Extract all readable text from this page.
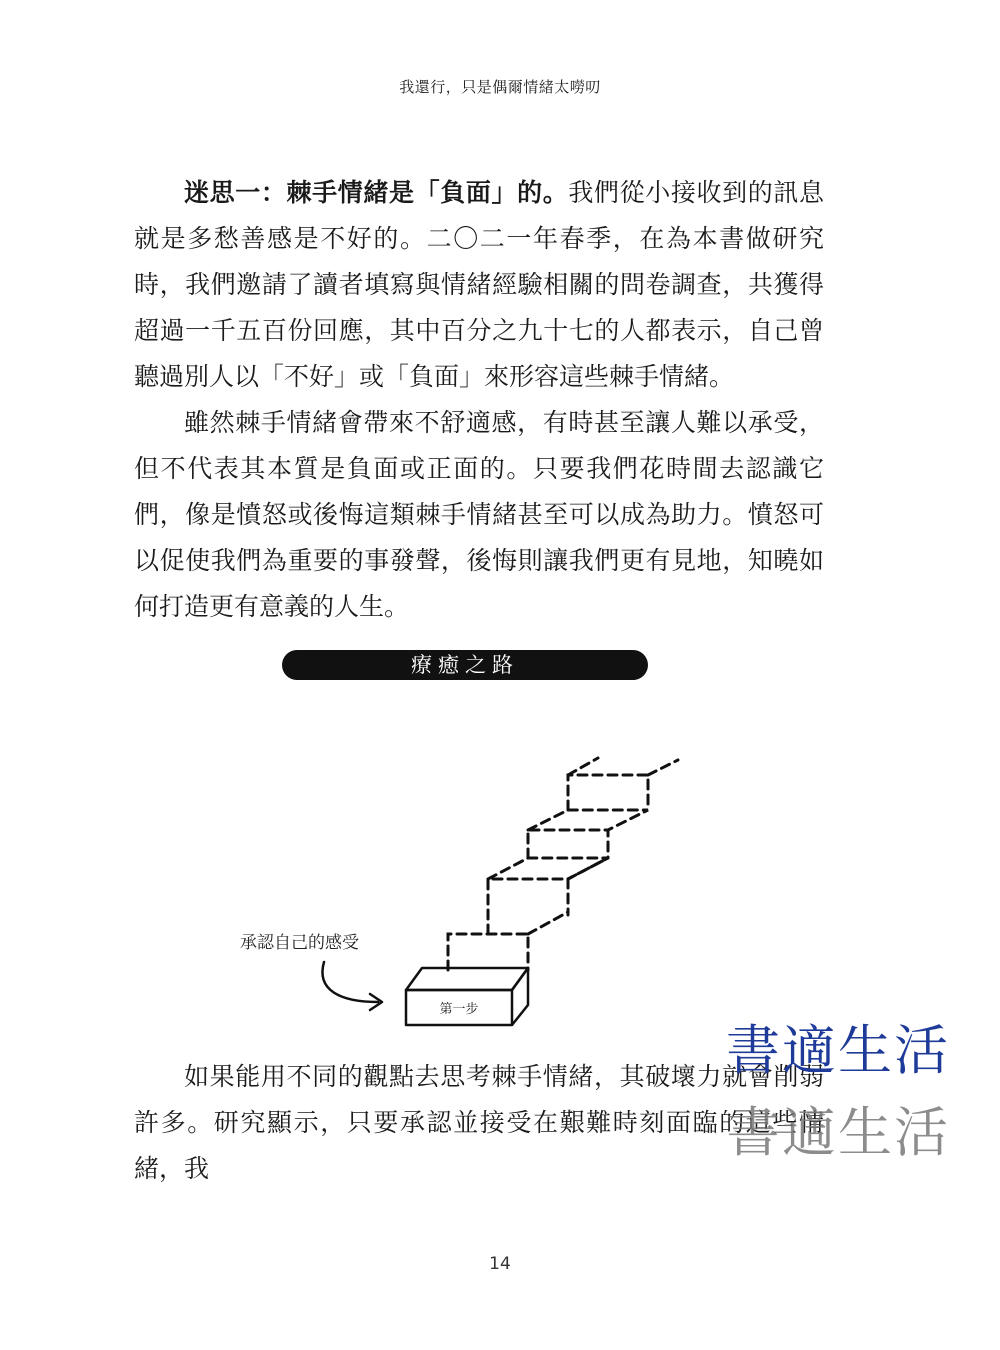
我還行，只是偶爾情緒太嘮叨

迷思一：棘手情緒是「負面」的。我們從小接收到的訊息就是多愁善感是不好的。二〇二一年春季，在為本書做研究時，我們邀請了讀者填寫與情緒經驗相關的問卷調查，共獲得超過一千五百份回應，其中百分之九十七的人都表示，自己曾聽過別人以「不好」或「負面」來形容這些棘手情緒。

雖然棘手情緒會帶來不舒適感，有時甚至讓人難以承受，但不代表其本質是負面或正面的。只要我們花時間去認識它們，像是憤怒或後悔這類棘手情緒甚至可以成為助力。憤怒可以促使我們為重要的事發聲，後悔則讓我們更有見地，知曉如何打造更有意義的人生。

療癒之路
第一步
承認自己的感受

如果能用不同的觀點去思考棘手情緒，其破壞力就會削弱許多。研究顯示，只要承認並接受在艱難時刻面臨的這些情緒，我

書適生活
書適生活
14
